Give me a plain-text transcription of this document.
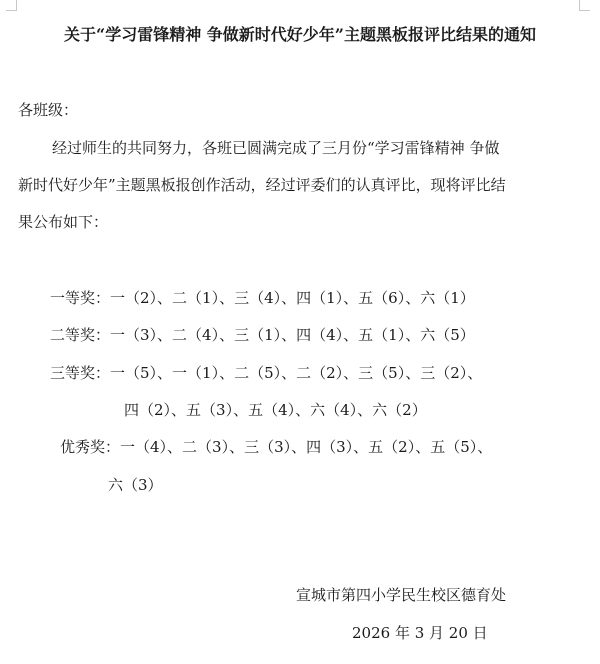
关于“学习雷锋精神 争做新时代好少年”主题黑板报评比结果的通知
各班级：
经过师生的共同努力，各班已圆满完成了三月份“学习雷锋精神 争做
新时代好少年”主题黑板报创作活动，经过评委们的认真评比，现将评比结
果公布如下：
一等奖：一（2）、二（1）、三（4）、四（1）、五（6）、六（1）
二等奖：一（3）、二（4）、三（1）、四（4）、五（1）、六（5）
三等奖：一（5）、一（1）、二（5）、二（2）、三（5）、三（2）、
四（2）、五（3）、五（4）、六（4）、六（2）
优秀奖：一（4）、二（3）、三（3）、四（3）、五（2）、五（5）、
六（3）
宣城市第四小学民生校区德育处
2026 年 3 月 20 日
